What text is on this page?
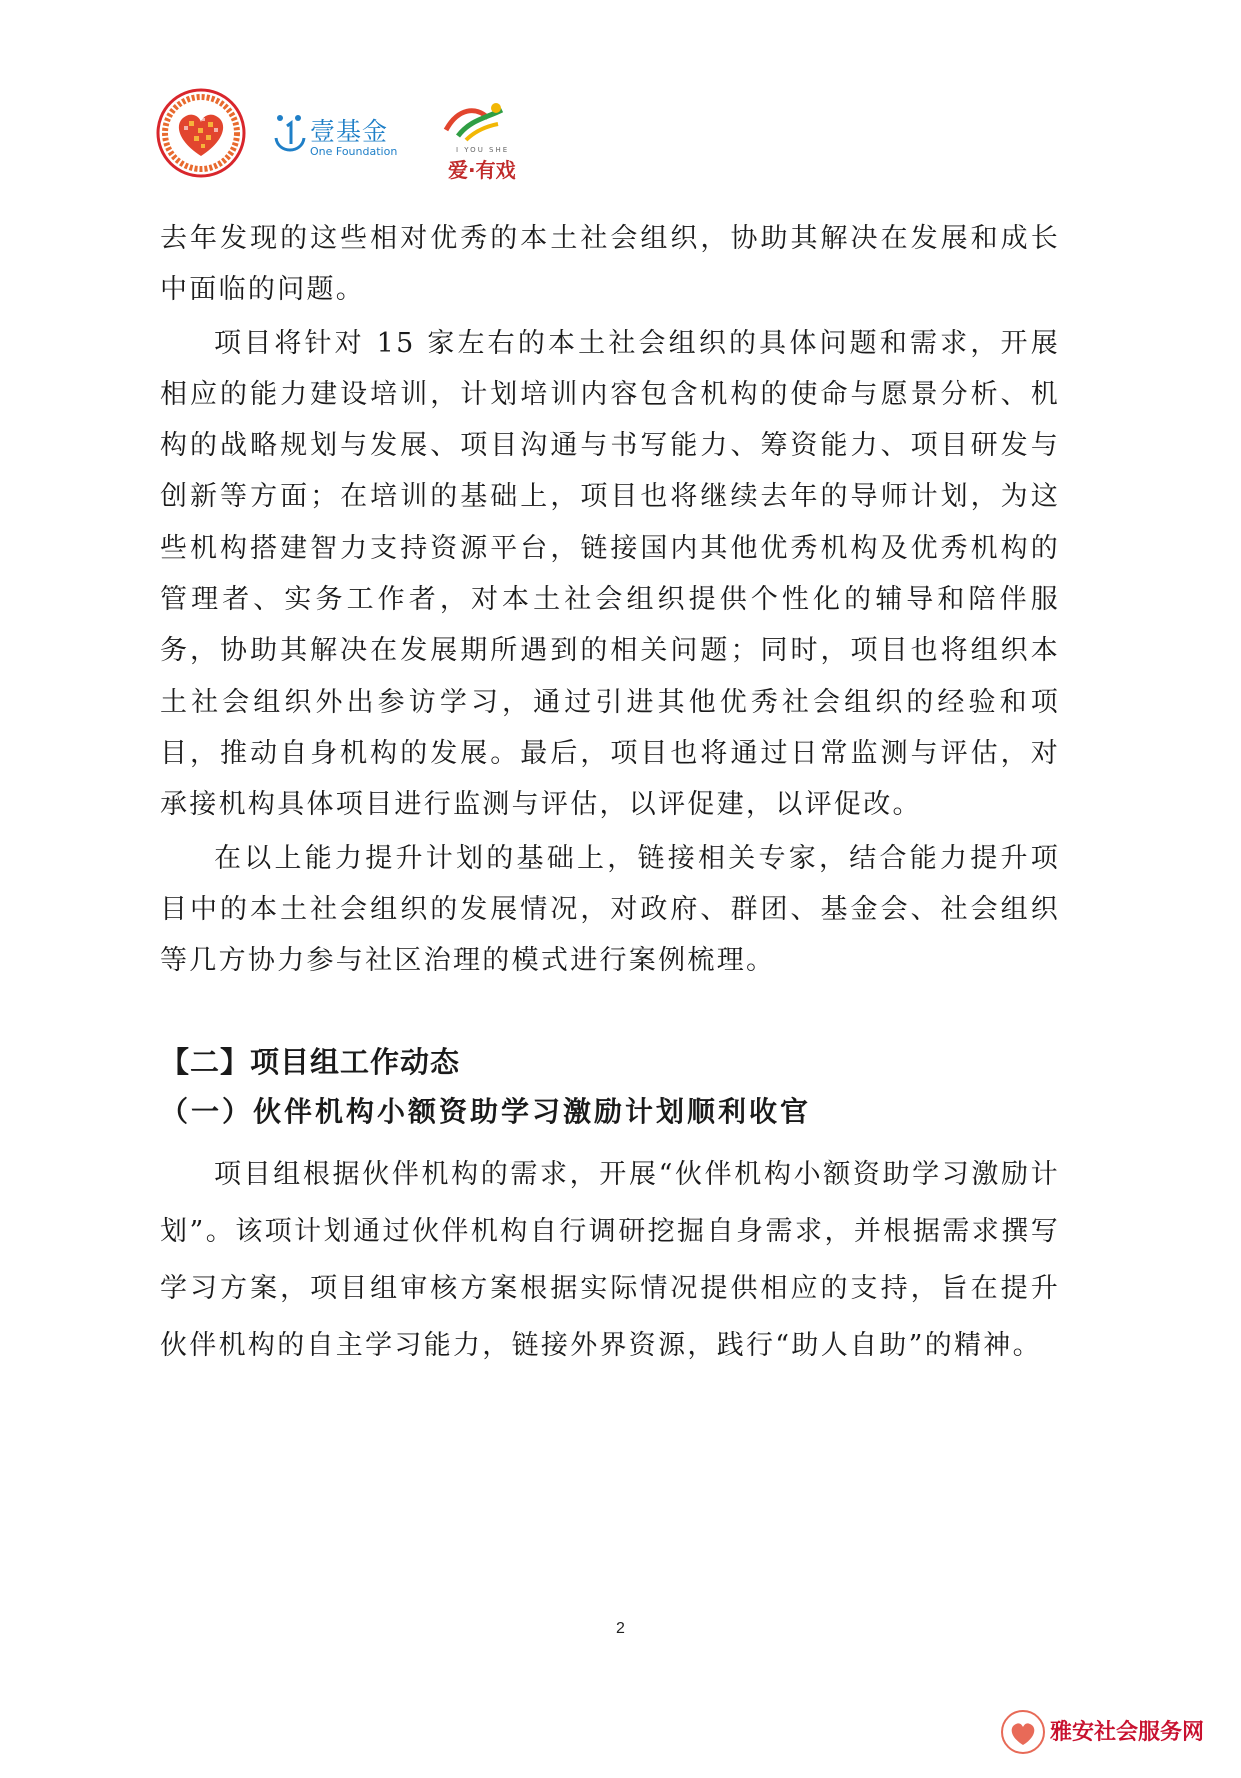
壹基金
One Foundation	I YOU SHE
爱·有戏

去年发现的这些相对优秀的本土社会组织，协助其解决在发展和成长中面临的问题。

项目将针对 15 家左右的本土社会组织的具体问题和需求，开展相应的能力建设培训，计划培训内容包含机构的使命与愿景分析、机构的战略规划与发展、项目沟通与书写能力、筹资能力、项目研发与创新等方面；在培训的基础上，项目也将继续去年的导师计划，为这些机构搭建智力支持资源平台，链接国内其他优秀机构及优秀机构的管理者、实务工作者，对本土社会组织提供个性化的辅导和陪伴服务，协助其解决在发展期所遇到的相关问题；同时，项目也将组织本土社会组织外出参访学习，通过引进其他优秀社会组织的经验和项目，推动自身机构的发展。最后，项目也将通过日常监测与评估，对承接机构具体项目进行监测与评估，以评促建，以评促改。

在以上能力提升计划的基础上，链接相关专家，结合能力提升项目中的本土社会组织的发展情况，对政府、群团、基金会、社会组织等几方协力参与社区治理的模式进行案例梳理。

【二】项目组工作动态
（一）伙伴机构小额资助学习激励计划顺利收官

项目组根据伙伴机构的需求，开展“伙伴机构小额资助学习激励计划”。该项计划通过伙伴机构自行调研挖掘自身需求，并根据需求撰写学习方案，项目组审核方案根据实际情况提供相应的支持，旨在提升伙伴机构的自主学习能力，链接外界资源，践行“助人自助”的精神。

2
雅安社会服务网
